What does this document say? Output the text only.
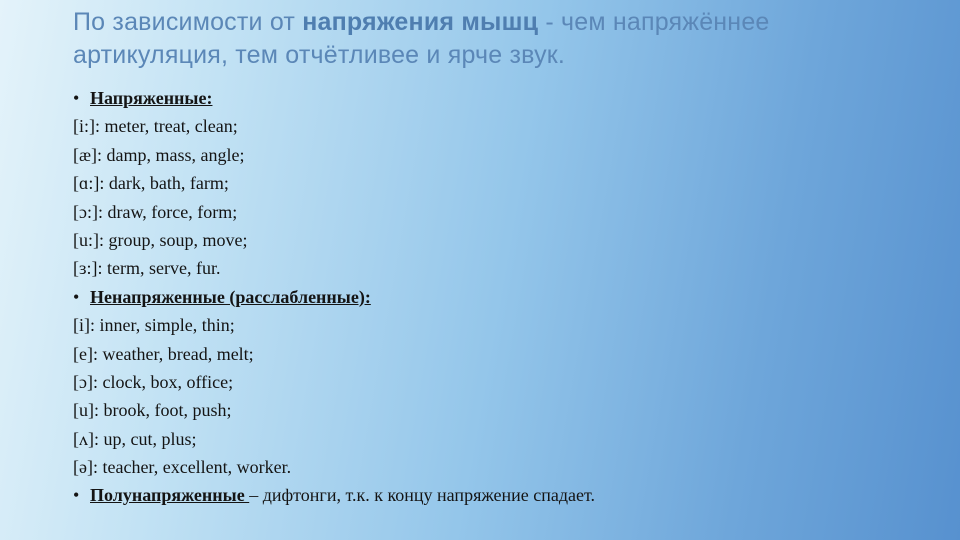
По зависимости от напряжения мышц - чем напряжённее
артикуляция, тем отчётливее и ярче звук.
• Напряженные:
[i:]: meter, treat, clean;
[æ]: damp, mass, angle;
[ɑ:]: dark, bath, farm;
[ɔ:]: draw, force, form;
[u:]: group, soup, move;
[ɜ:]: term, serve, fur.
• Ненапряженные (расслабленные):
[i]: inner, simple, thin;
[e]: weather, bread, melt;
[ɔ]: clock, box, office;
[u]: brook, foot, push;
[ʌ]: up, cut, plus;
[ə]: teacher, excellent, worker.
• Полунапряженные – дифтонги, т.к. к концу напряжение спадает.
